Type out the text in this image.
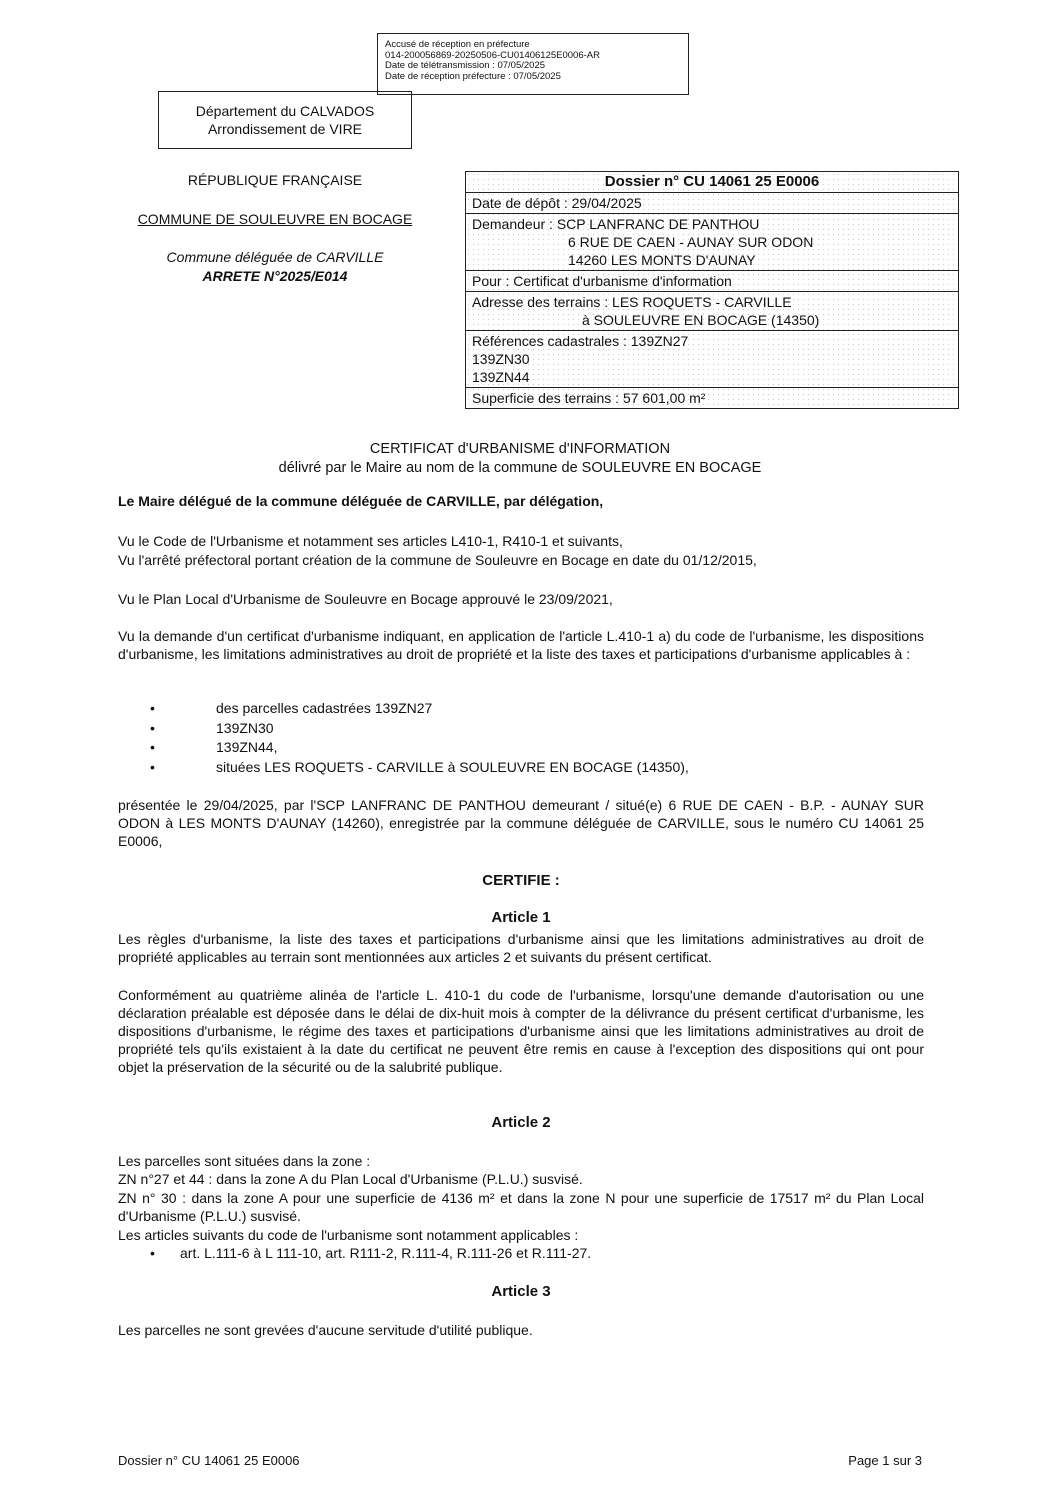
Accusé de réception en préfecture
014-200056869-20250506-CU01406125E0006-AR
Date de télétransmission : 07/05/2025
Date de réception préfecture : 07/05/2025
Département du CALVADOS
Arrondissement de VIRE
RÉPUBLIQUE FRANÇAISE
COMMUNE DE SOULEUVRE EN BOCAGE
Commune déléguée de CARVILLE
ARRETE N°2025/E014
Dossier n° CU 14061 25 E0006
Date de dépôt : 29/04/2025
Demandeur : SCP LANFRANC DE PANTHOU
6 RUE DE CAEN - AUNAY SUR ODON
14260 LES MONTS D'AUNAY
Pour : Certificat d'urbanisme d'information
Adresse des terrains : LES ROQUETS - CARVILLE
à SOULEUVRE EN BOCAGE (14350)
Références cadastrales : 139ZN27
139ZN30
139ZN44
Superficie des terrains : 57 601,00 m²
CERTIFICAT d'URBANISME d'INFORMATION
délivré par le Maire au nom de la commune de SOULEUVRE EN BOCAGE
Le Maire délégué de la commune déléguée de CARVILLE, par délégation,
Vu le Code de l'Urbanisme et notamment ses articles L410-1, R410-1 et suivants,
Vu l'arrêté préfectoral portant création de la commune de Souleuvre en Bocage en date du 01/12/2015,
Vu le Plan Local d'Urbanisme de Souleuvre en Bocage approuvé le 23/09/2021,
Vu la demande d'un certificat d'urbanisme indiquant, en application de l'article L.410-1 a) du code de l'urbanisme, les dispositions d'urbanisme, les limitations administratives au droit de propriété et la liste des taxes et participations d'urbanisme applicables à :
•	des parcelles cadastrées 139ZN27
•	139ZN30
•	139ZN44,
•	situées LES ROQUETS - CARVILLE à SOULEUVRE EN BOCAGE (14350),
présentée le 29/04/2025, par l'SCP LANFRANC DE PANTHOU demeurant / situé(e) 6 RUE DE CAEN - B.P. - AUNAY SUR ODON à LES MONTS D'AUNAY (14260), enregistrée par la commune déléguée de CARVILLE, sous le numéro CU 14061 25 E0006,
CERTIFIE :
Article 1
Les règles d'urbanisme, la liste des taxes et participations d'urbanisme ainsi que les limitations administratives au droit de propriété applicables au terrain sont mentionnées aux articles 2 et suivants du présent certificat.
Conformément au quatrième alinéa de l'article L. 410-1 du code de l'urbanisme, lorsqu'une demande d'autorisation ou une déclaration préalable est déposée dans le délai de dix-huit mois à compter de la délivrance du présent certificat d'urbanisme, les dispositions d'urbanisme, le régime des taxes et participations d'urbanisme ainsi que les limitations administratives au droit de propriété tels qu'ils existaient à la date du certificat ne peuvent être remis en cause à l'exception des dispositions qui ont pour objet la préservation de la sécurité ou de la salubrité publique.
Article 2
Les parcelles sont situées dans la zone :
ZN n°27 et 44 : dans la zone A du Plan Local d'Urbanisme (P.L.U.) susvisé.
ZN n° 30 : dans la zone A pour une superficie de 4136 m² et dans la zone N pour une superficie de 17517 m² du Plan Local d'Urbanisme (P.L.U.) susvisé.
Les articles suivants du code de l'urbanisme sont notamment applicables :
• art. L.111-6 à L 111-10, art. R111-2, R.111-4, R.111-26 et R.111-27.
Article 3
Les parcelles ne sont grevées d'aucune servitude d'utilité publique.
Dossier n° CU 14061 25 E0006	Page 1 sur 3
